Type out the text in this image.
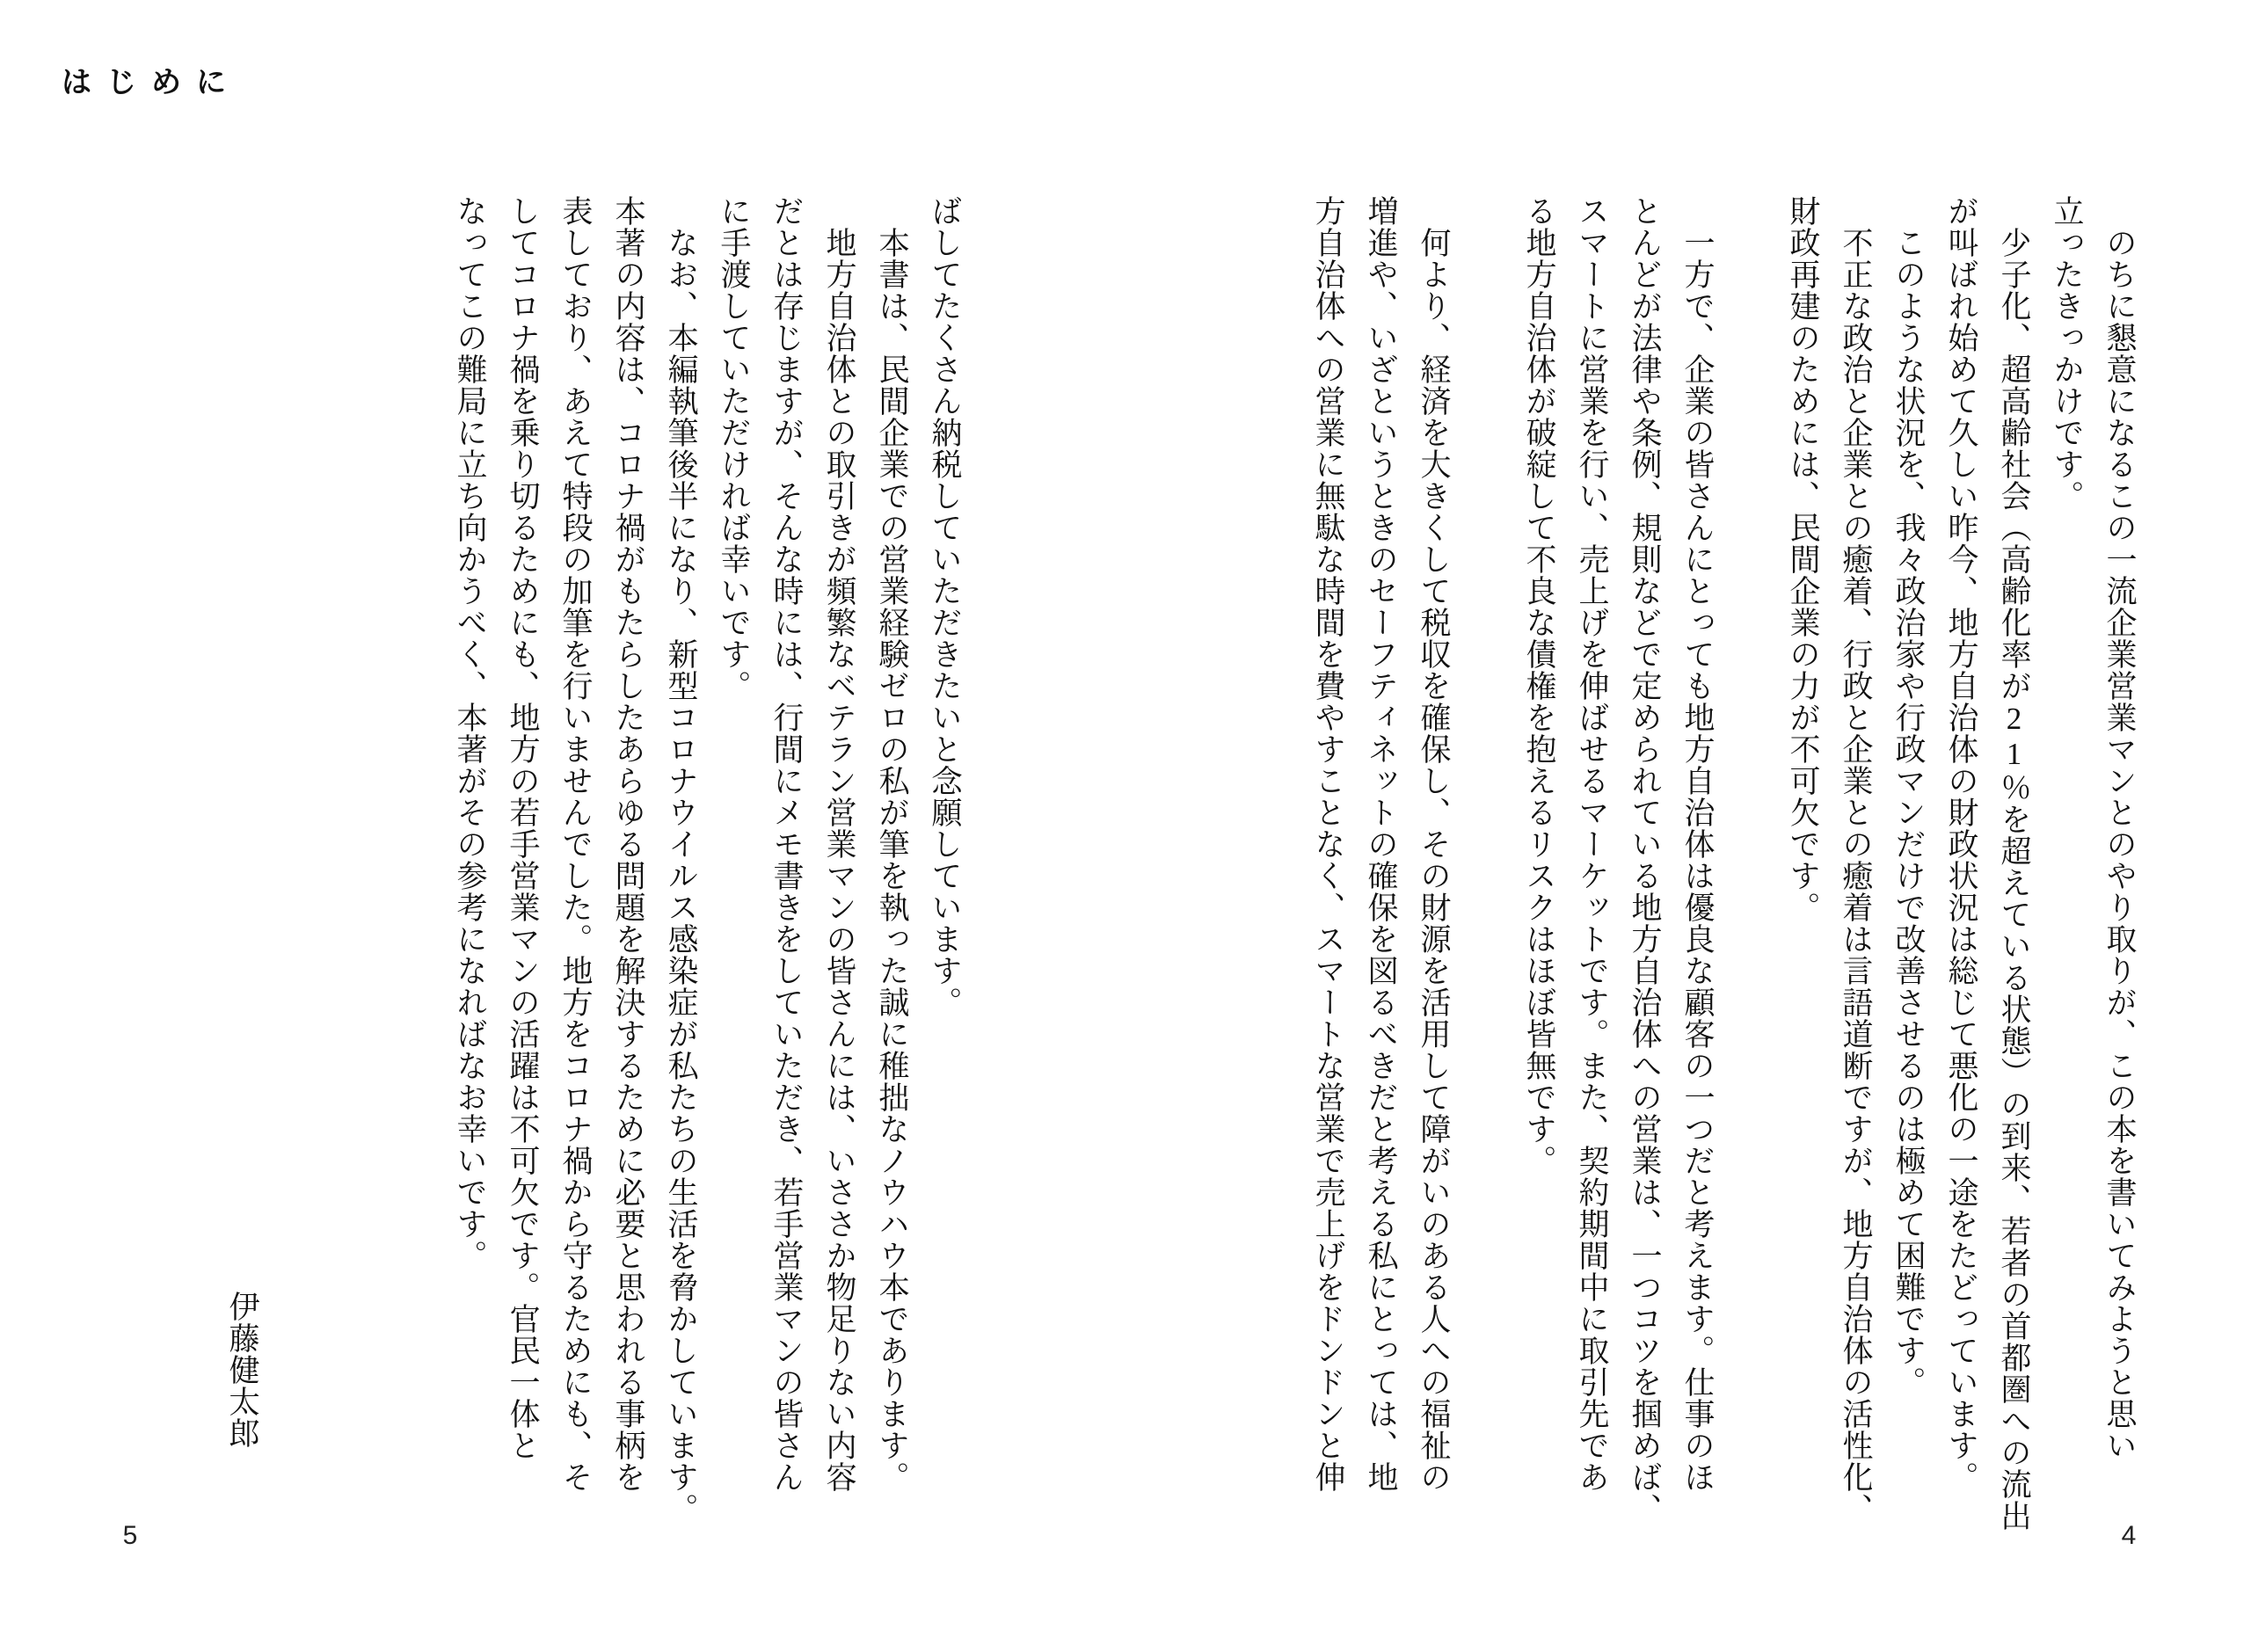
はじめに
　のちに懇意になるこの一流企業営業マンとのやり取りが、この本を書いてみようと思い
立ったきっかけです。
　少子化、超高齢社会（高齢化率が21％を超えている状態）の到来、若者の首都圏への流出
が叫ばれ始めて久しい昨今、地方自治体の財政状況は総じて悪化の一途をたどっています。
　このような状況を、我々政治家や行政マンだけで改善させるのは極めて困難です。
　不正な政治と企業との癒着、行政と企業との癒着は言語道断ですが、地方自治体の活性化、
財政再建のためには、民間企業の力が不可欠です。

　一方で、企業の皆さんにとっても地方自治体は優良な顧客の一つだと考えます。仕事のほ
とんどが法律や条例、規則などで定められている地方自治体への営業は、一つコツを掴めば、
スマートに営業を行い、売上げを伸ばせるマーケットです。また、契約期間中に取引先であ
る地方自治体が破綻して不良な債権を抱えるリスクはほぼ皆無です。

　何より、経済を大きくして税収を確保し、その財源を活用して障がいのある人への福祉の
増進や、いざというときのセーフティネットの確保を図るべきだと考える私にとっては、地
方自治体への営業に無駄な時間を費やすことなく、スマートな営業で売上げをドンドンと伸
ばしてたくさん納税していただきたいと念願しています。
　本書は、民間企業での営業経験ゼロの私が筆を執った誠に稚拙なノウハウ本であります。
　地方自治体との取引きが頻繁なベテラン営業マンの皆さんには、いささか物足りない内容
だとは存じますが、そんな時には、行間にメモ書きをしていただき、若手営業マンの皆さん
に手渡していただければ幸いです。
　なお、本編執筆後半になり、新型コロナウイルス感染症が私たちの生活を脅かしています。
本著の内容は、コロナ禍がもたらしたあらゆる問題を解決するために必要と思われる事柄を
表しており、あえて特段の加筆を行いませんでした。地方をコロナ禍から守るためにも、そ
してコロナ禍を乗り切るためにも、地方の若手営業マンの活躍は不可欠です。官民一体と
なってこの難局に立ち向かうべく、本著がその参考になればなお幸いです。
伊藤健太郎
4
5
